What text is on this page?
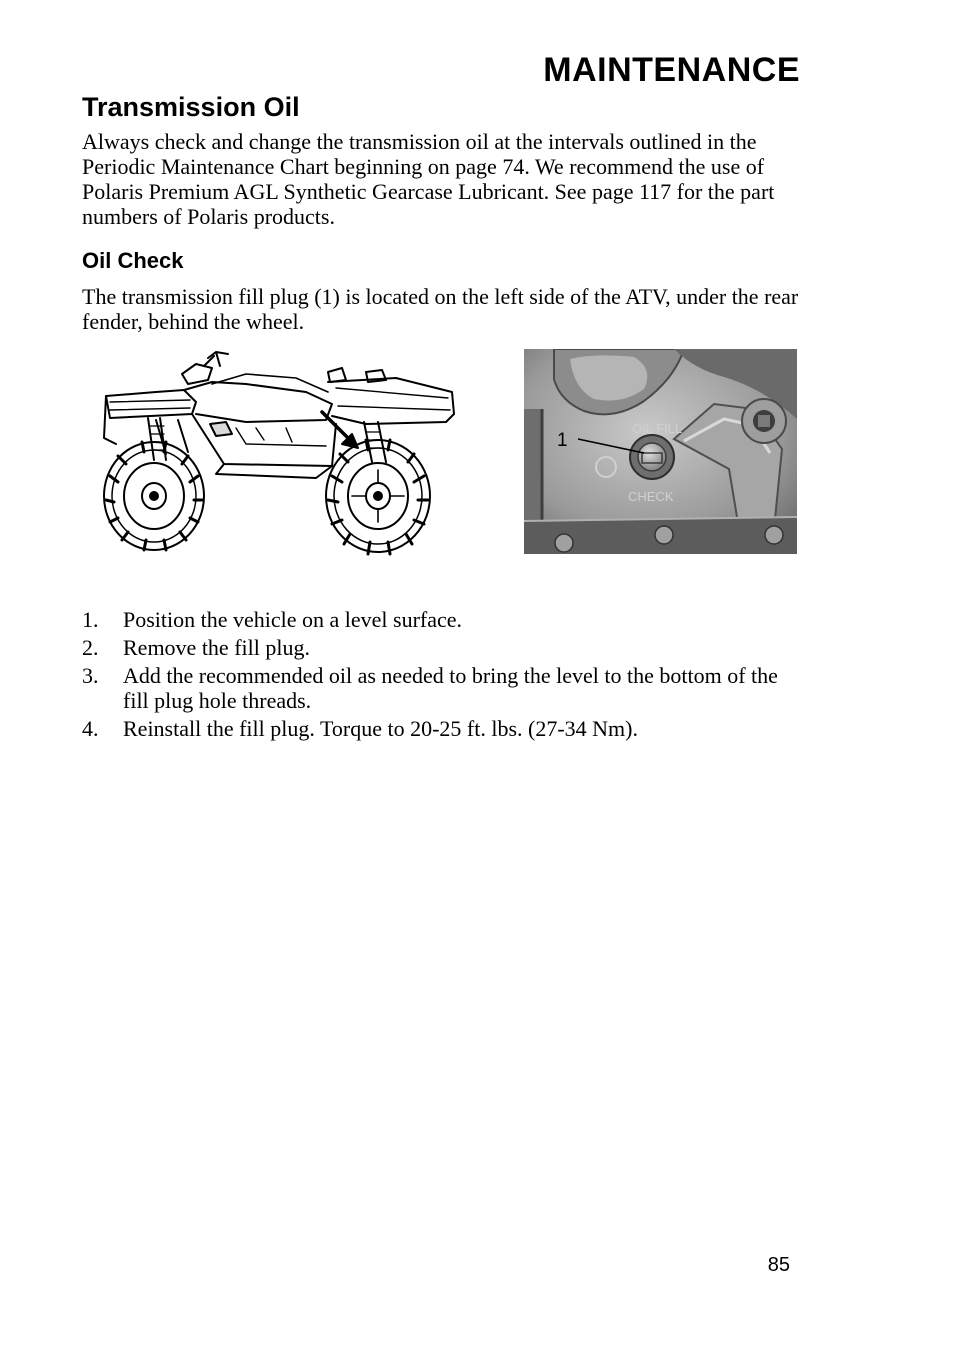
MAINTENANCE
Transmission Oil

Always check and change the transmission oil at the intervals outlined in the Periodic Maintenance Chart beginning on page 74. We recommend the use of Polaris Premium AGL Synthetic Gearcase Lubricant. See page 117 for the part numbers of Polaris products.

Oil Check

The transmission fill plug (1) is located on the left side of the ATV, under the rear fender, behind the wheel.

OIL FILL
CHECK
1
1.	Position the vehicle on a level surface.
2.	Remove the fill plug.
3.	Add the recommended oil as needed to bring the level to the bottom of the fill plug hole threads.
4.	Reinstall the fill plug. Torque to 20-25 ft. lbs. (27-34 Nm).
85
